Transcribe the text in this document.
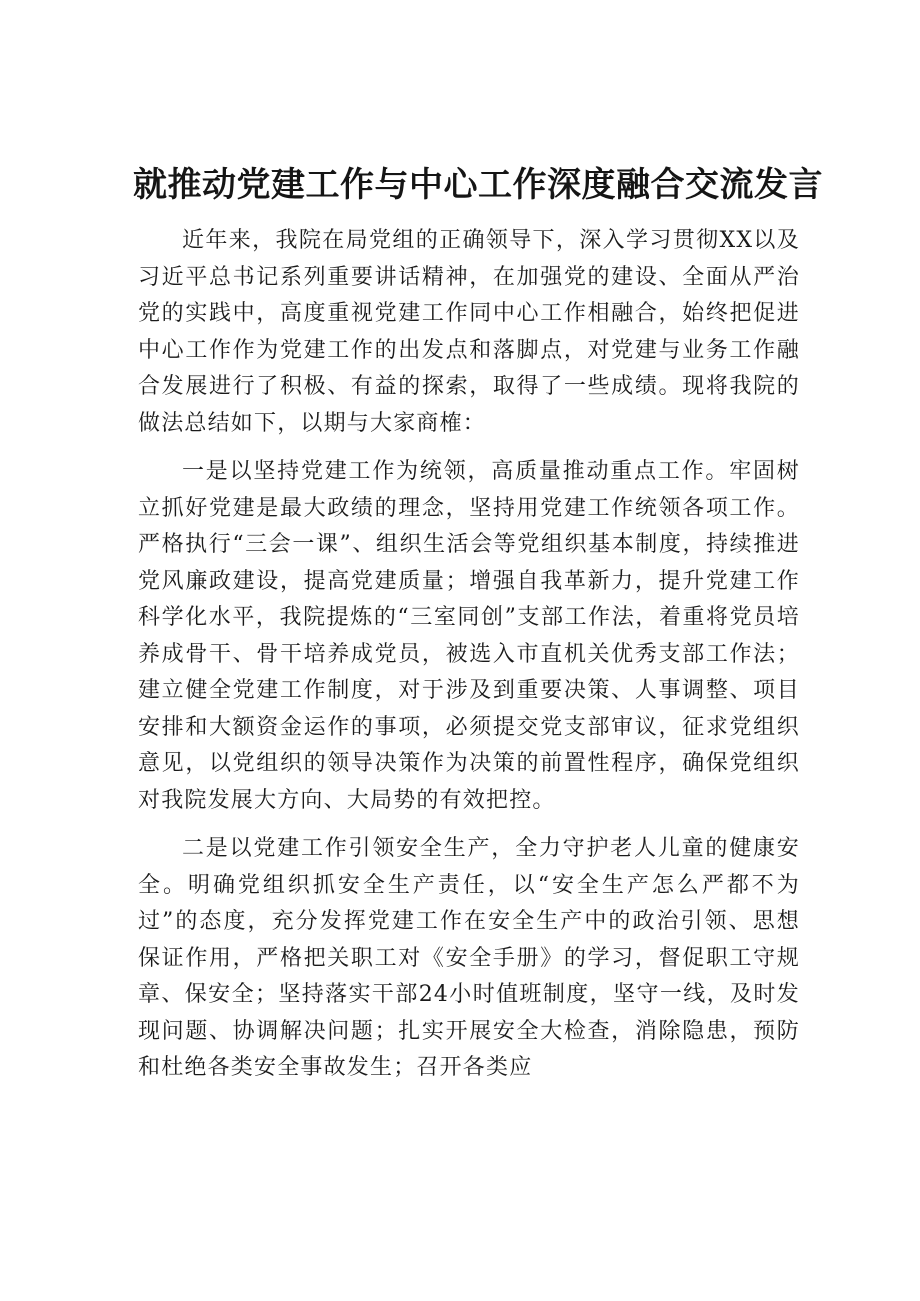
就推动党建工作与中心工作深度融合交流发言

近年来，我院在局党组的正确领导下，深入学习贯彻XX以及习近平总书记系列重要讲话精神，在加强党的建设、全面从严治党的实践中，高度重视党建工作同中心工作相融合，始终把促进中心工作作为党建工作的出发点和落脚点，对党建与业务工作融合发展进行了积极、有益的探索，取得了一些成绩。现将我院的做法总结如下，以期与大家商榷：

一是以坚持党建工作为统领，高质量推动重点工作。牢固树立抓好党建是最大政绩的理念，坚持用党建工作统领各项工作。严格执行“三会一课”、组织生活会等党组织基本制度，持续推进党风廉政建设，提高党建质量；增强自我革新力，提升党建工作科学化水平，我院提炼的“三室同创”支部工作法，着重将党员培养成骨干、骨干培养成党员，被选入市直机关优秀支部工作法；建立健全党建工作制度，对于涉及到重要决策、人事调整、项目安排和大额资金运作的事项，必须提交党支部审议，征求党组织意见，以党组织的领导决策作为决策的前置性程序，确保党组织对我院发展大方向、大局势的有效把控。

二是以党建工作引领安全生产，全力守护老人儿童的健康安全。明确党组织抓安全生产责任，以“安全生产怎么严都不为过”的态度，充分发挥党建工作在安全生产中的政治引领、思想保证作用，严格把关职工对《安全手册》的学习，督促职工守规章、保安全；坚持落实干部24小时值班制度，坚守一线，及时发现问题、协调解决问题；扎实开展安全大检查，消除隐患，预防和杜绝各类安全事故发生；召开各类应
